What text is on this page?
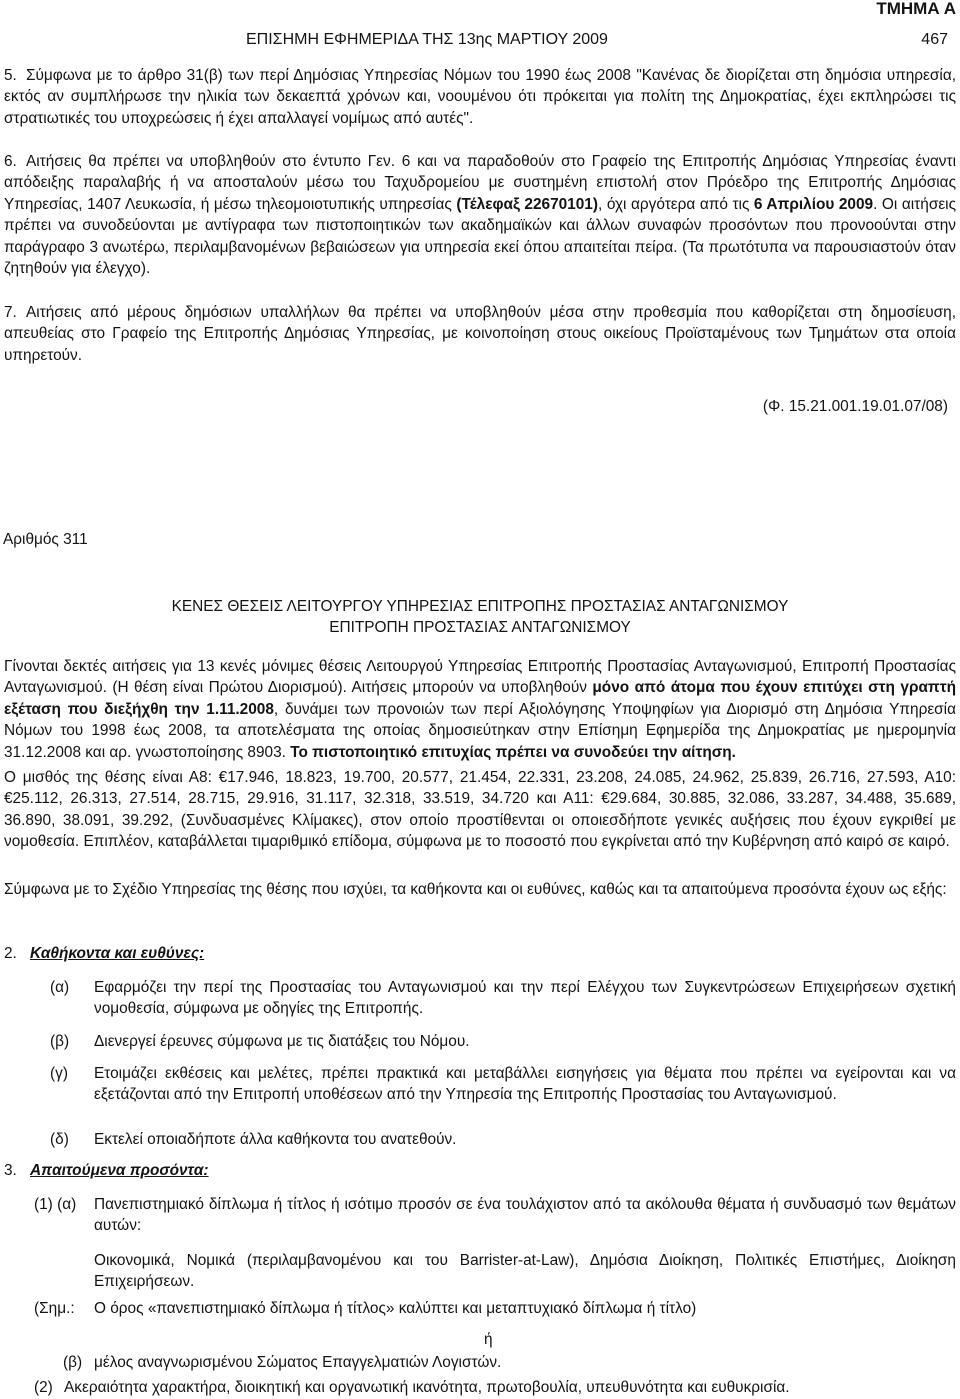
ΤΜΗΜΑ Α
ΕΠΙΣΗΜΗ ΕΦΗΜΕΡΙΔΑ ΤΗΣ 13ης ΜΑΡΤΙΟΥ 2009	467
5. Σύμφωνα με το άρθρο 31(β) των περί Δημόσιας Υπηρεσίας Νόμων του 1990 έως 2008 "Κανένας δε διορίζεται στη δημόσια υπηρεσία, εκτός αν συμπλήρωσε την ηλικία των δεκαεπτά χρόνων και, νοουμένου ότι πρόκειται για πολίτη της Δημοκρατίας, έχει εκπληρώσει τις στρατιωτικές του υποχρεώσεις ή έχει απαλλαγεί νομίμως από αυτές".
6. Αιτήσεις θα πρέπει να υποβληθούν στο έντυπο Γεν. 6 και να παραδοθούν στο Γραφείο της Επιτροπής Δημόσιας Υπηρεσίας έναντι απόδειξης παραλαβής ή να αποσταλούν μέσω του Ταχυδρομείου με συστημένη επιστολή στον Πρόεδρο της Επιτροπής Δημόσιας Υπηρεσίας, 1407 Λευκωσία, ή μέσω τηλεομοιοτυπικής υπηρεσίας (Τέλεφαξ 22670101), όχι αργότερα από τις 6 Απριλίου 2009. Οι αιτήσεις πρέπει να συνοδεύονται με αντίγραφα των πιστοποιητικών των ακαδημαϊκών και άλλων συναφών προσόντων που προνοούνται στην παράγραφο 3 ανωτέρω, περιλαμβανομένων βεβαιώσεων για υπηρεσία εκεί όπου απαιτείται πείρα. (Τα πρωτότυπα να παρουσιαστούν όταν ζητηθούν για έλεγχο).
7. Αιτήσεις από μέρους δημόσιων υπαλλήλων θα πρέπει να υποβληθούν μέσα στην προθεσμία που καθορίζεται στη δημοσίευση, απευθείας στο Γραφείο της Επιτροπής Δημόσιας Υπηρεσίας, με κοινοποίηση στους οικείους Προϊσταμένους των Τμημάτων στα οποία υπηρετούν.
(Φ. 15.21.001.19.01.07/08)
Αριθμός 311
ΚΕΝΕΣ ΘΕΣΕΙΣ ΛΕΙΤΟΥΡΓΟΥ ΥΠΗΡΕΣΙΑΣ ΕΠΙΤΡΟΠΗΣ ΠΡΟΣΤΑΣΙΑΣ ΑΝΤΑΓΩΝΙΣΜΟΥ
ΕΠΙΤΡΟΠΗ ΠΡΟΣΤΑΣΙΑΣ ΑΝΤΑΓΩΝΙΣΜΟΥ
Γίνονται δεκτές αιτήσεις για 13 κενές μόνιμες θέσεις Λειτουργού Υπηρεσίας Επιτροπής Προστασίας Ανταγωνισμού, Επιτροπή Προστασίας Ανταγωνισμού. (Η θέση είναι Πρώτου Διορισμού). Αιτήσεις μπορούν να υποβληθούν μόνο από άτομα που έχουν επιτύχει στη γραπτή εξέταση που διεξήχθη την 1.11.2008, δυνάμει των προνοιών των περί Αξιολόγησης Υποψηφίων για Διορισμό στη Δημόσια Υπηρεσία Νόμων του 1998 έως 2008, τα αποτελέσματα της οποίας δημοσιεύτηκαν στην Επίσημη Εφημερίδα της Δημοκρατίας με ημερομηνία 31.12.2008 και αρ. γνωστοποίησης 8903. Το πιστοποιητικό επιτυχίας πρέπει να συνοδεύει την αίτηση.
Ο μισθός της θέσης είναι Α8: €17.946, 18.823, 19.700, 20.577, 21.454, 22.331, 23.208, 24.085, 24.962, 25.839, 26.716, 27.593, Α10: €25.112, 26.313, 27.514, 28.715, 29.916, 31.117, 32.318, 33.519, 34.720 και Α11: €29.684, 30.885, 32.086, 33.287, 34.488, 35.689, 36.890, 38.091, 39.292, (Συνδυασμένες Κλίμακες), στον οποίο προστίθενται οι οποιεσδήποτε γενικές αυξήσεις που έχουν εγκριθεί με νομοθεσία. Επιπλέον, καταβάλλεται τιμαριθμικό επίδομα, σύμφωνα με το ποσοστό που εγκρίνεται από την Κυβέρνηση από καιρό σε καιρό.
Σύμφωνα με το Σχέδιο Υπηρεσίας της θέσης που ισχύει, τα καθήκοντα και οι ευθύνες, καθώς και τα απαιτούμενα προσόντα έχουν ως εξής:
2. Καθήκοντα και ευθύνες:
(α) Εφαρμόζει την περί της Προστασίας του Ανταγωνισμού και την περί Ελέγχου των Συγκεντρώσεων Επιχειρήσεων σχετική νομοθεσία, σύμφωνα με οδηγίες της Επιτροπής.
(β) Διενεργεί έρευνες σύμφωνα με τις διατάξεις του Νόμου.
(γ) Ετοιμάζει εκθέσεις και μελέτες, πρέπει πρακτικά και μεταβάλλει εισηγήσεις για θέματα που πρέπει να εγείρονται και να εξετάζονται από την Επιτροπή υποθέσεων από την Υπηρεσία της Επιτροπής Προστασίας του Ανταγωνισμού.
(δ) Εκτελεί οποιαδήποτε άλλα καθήκοντα του ανατεθούν.
3. Απαιτούμενα προσόντα:
(1) (α) Πανεπιστημιακό δίπλωμα ή τίτλος ή ισότιμο προσόν σε ένα τουλάχιστον από τα ακόλουθα θέματα ή συνδυασμό των θεμάτων αυτών:
Οικονομικά, Νομικά (περιλαμβανομένου και του Barrister-at-Law), Δημόσια Διοίκηση, Πολιτικές Επιστήμες, Διοίκηση Επιχειρήσεων.
(Σημ.: Ο όρος «πανεπιστημιακό δίπλωμα ή τίτλος» καλύπτει και μεταπτυχιακό δίπλωμα ή τίτλο)
ή
(β) μέλος αναγνωρισμένου Σώματος Επαγγελματιών Λογιστών.
(2) Ακεραιότητα χαρακτήρα, διοικητική και οργανωτική ικανότητα, πρωτοβουλία, υπευθυνότητα και ευθυκρισία.
